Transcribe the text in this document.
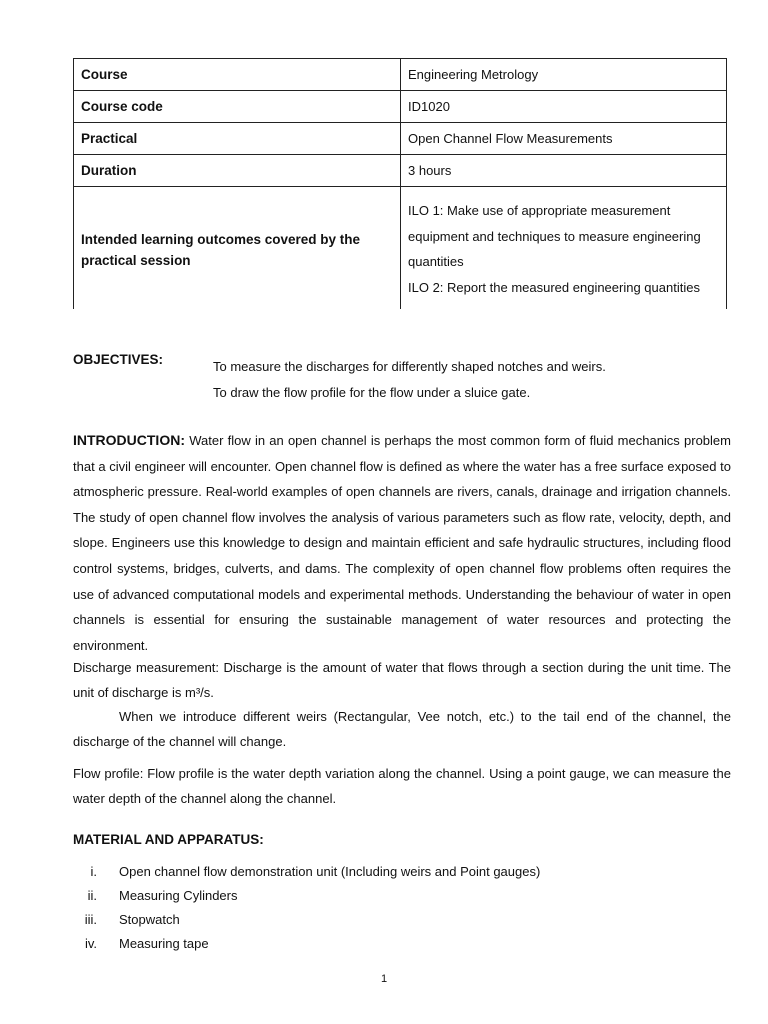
Course	Engineering Metrology
Course code	ID1020
Practical	Open Channel Flow Measurements
Duration	3 hours
Intended learning outcomes covered by the practical session	ILO 1: Make use of appropriate measurement
equipment and techniques to measure engineering
quantities
ILO 2: Report the measured engineering quantities
OBJECTIVES:	To measure the discharges for differently shaped notches and weirs.
To draw the flow profile for the flow under a sluice gate.
INTRODUCTION: Water flow in an open channel is perhaps the most common form of fluid mechanics problem that a civil engineer will encounter. Open channel flow is defined as where the water has a free surface exposed to atmospheric pressure. Real-world examples of open channels are rivers, canals, drainage and irrigation channels. The study of open channel flow involves the analysis of various parameters such as flow rate, velocity, depth, and slope. Engineers use this knowledge to design and maintain efficient and safe hydraulic structures, including flood control systems, bridges, culverts, and dams. The complexity of open channel flow problems often requires the use of advanced computational models and experimental methods. Understanding the behaviour of water in open channels is essential for ensuring the sustainable management of water resources and protecting the environment.
Discharge measurement: Discharge is the amount of water that flows through a section during the unit time. The unit of discharge is m³/s.
When we introduce different weirs (Rectangular, Vee notch, etc.) to the tail end of the channel, the discharge of the channel will change.
Flow profile: Flow profile is the water depth variation along the channel. Using a point gauge, we can measure the water depth of the channel along the channel.
MATERIAL AND APPARATUS:
i. Open channel flow demonstration unit (Including weirs and Point gauges)
ii. Measuring Cylinders
iii. Stopwatch
iv. Measuring tape
1
